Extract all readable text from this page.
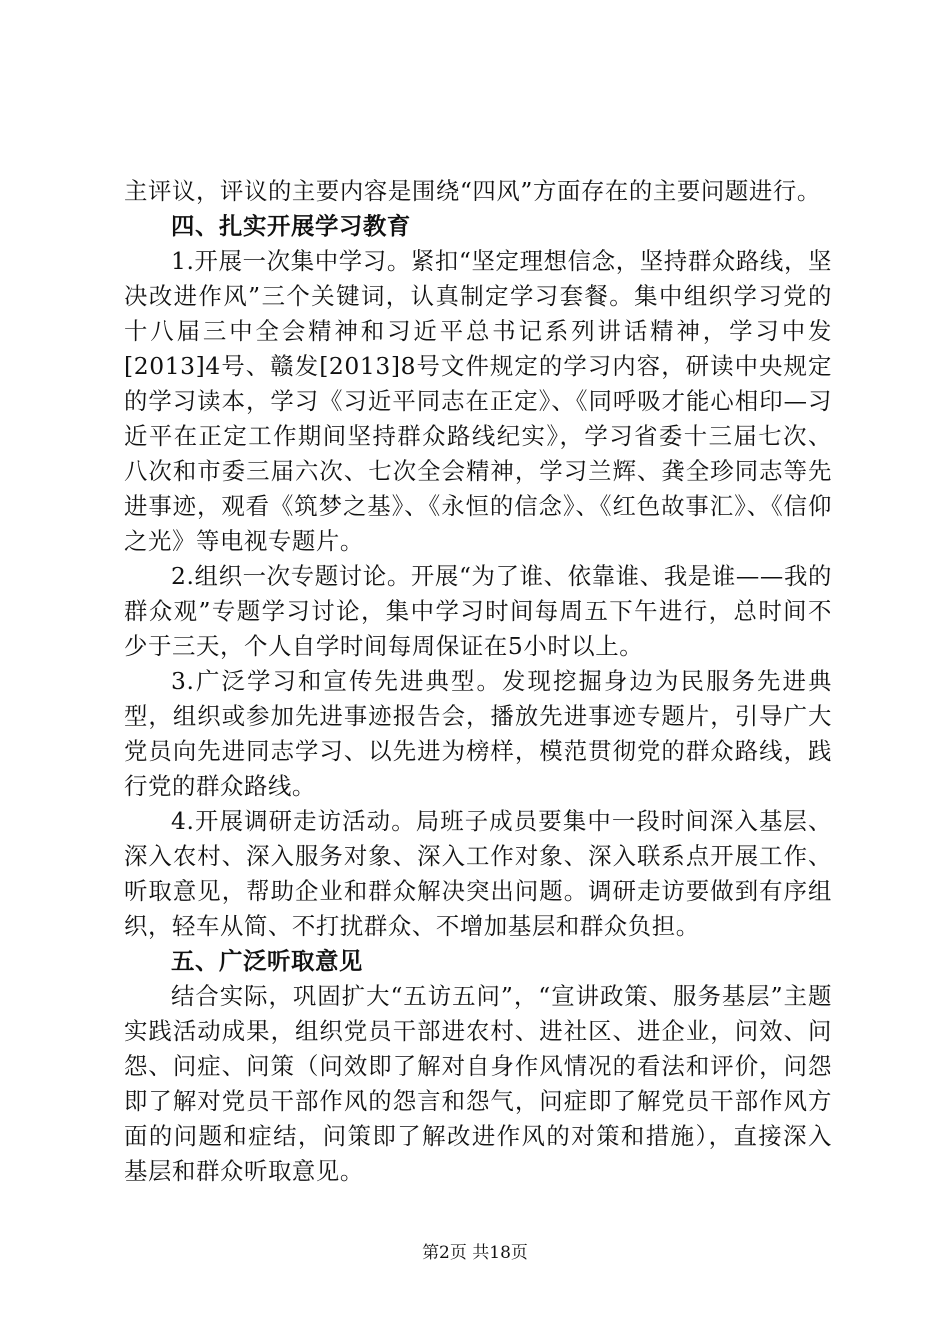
主评议，评议的主要内容是围绕“四风”方面存在的主要问题进行。

四、扎实开展学习教育

1.开展一次集中学习。紧扣“坚定理想信念，坚持群众路线，坚决改进作风”三个关键词，认真制定学习套餐。集中组织学习党的十八届三中全会精神和习近平总书记系列讲话精神，学习中发[2013]4号、赣发[2013]8号文件规定的学习内容，研读中央规定的学习读本，学习《习近平同志在正定》、《同呼吸才能心相印—习近平在正定工作期间坚持群众路线纪实》，学习省委十三届七次、八次和市委三届六次、七次全会精神，学习兰辉、龚全珍同志等先进事迹，观看《筑梦之基》、《永恒的信念》、《红色故事汇》、《信仰之光》等电视专题片。

2.组织一次专题讨论。开展“为了谁、依靠谁、我是谁——我的群众观”专题学习讨论，集中学习时间每周五下午进行，总时间不少于三天，个人自学时间每周保证在5小时以上。

3.广泛学习和宣传先进典型。发现挖掘身边为民服务先进典型，组织或参加先进事迹报告会，播放先进事迹专题片，引导广大党员向先进同志学习、以先进为榜样，模范贯彻党的群众路线，践行党的群众路线。

4.开展调研走访活动。局班子成员要集中一段时间深入基层、深入农村、深入服务对象、深入工作对象、深入联系点开展工作、听取意见，帮助企业和群众解决突出问题。调研走访要做到有序组织，轻车从简、不打扰群众、不增加基层和群众负担。

五、广泛听取意见

结合实际，巩固扩大“五访五问”，“宣讲政策、服务基层”主题实践活动成果，组织党员干部进农村、进社区、进企业，问效、问怨、问症、问策（问效即了解对自身作风情况的看法和评价，问怨即了解对党员干部作风的怨言和怨气，问症即了解党员干部作风方面的问题和症结，问策即了解改进作风的对策和措施），直接深入基层和群众听取意见。

第2页 共18页
